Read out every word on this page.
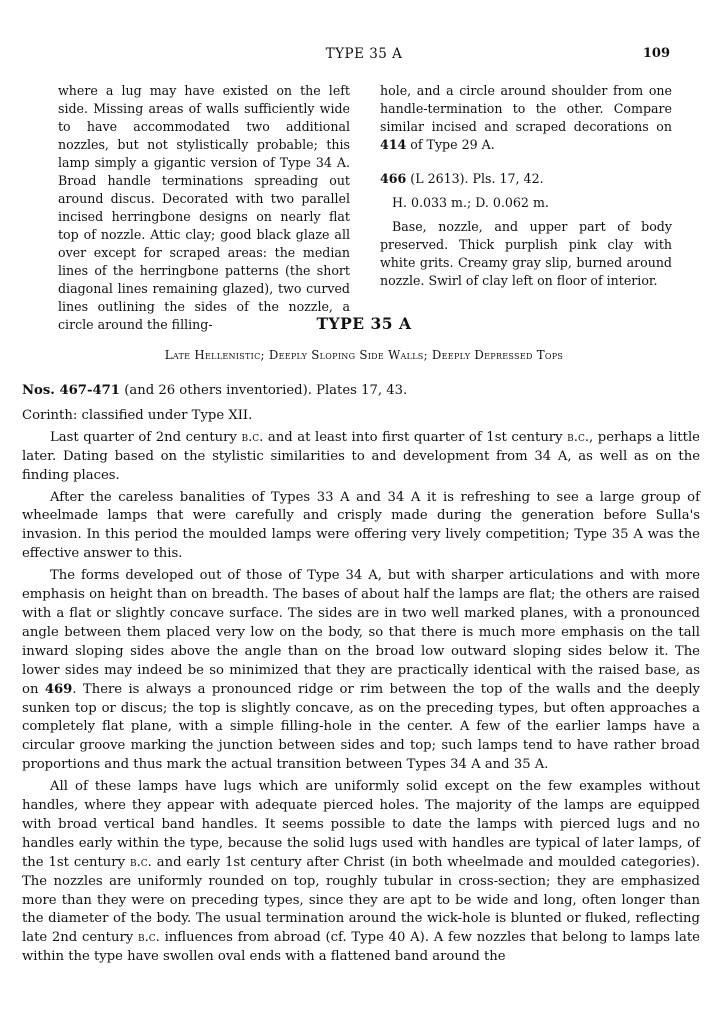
TYPE 35 A	109

where a lug may have existed on the left side. Missing areas of walls sufficiently wide to have accommodated two additional nozzles, but not stylistically probable; this lamp simply a gigantic version of Type 34 A. Broad handle terminations spreading out around discus. Decorated with two parallel incised herringbone designs on nearly flat top of nozzle. Attic clay; good black glaze all over except for scraped areas: the median lines of the herringbone patterns (the short diagonal lines remaining glazed), two curved lines outlining the sides of the nozzle, a circle around the filling-

hole, and a circle around shoulder from one handle-termination to the other. Compare similar incised and scraped decorations on 414 of Type 29 A.

466 (L 2613). Pls. 17, 42.

H. 0.033 m.; D. 0.062 m.

Base, nozzle, and upper part of body preserved. Thick purplish pink clay with white grits. Creamy gray slip, burned around nozzle. Swirl of clay left on floor of interior.

TYPE 35 A
Late Hellenistic; Deeply Sloping Side Walls; Deeply Depressed Tops

Nos. 467-471 (and 26 others inventoried). Plates 17, 43.

Corinth: classified under Type XII.

Last quarter of 2nd century b.c. and at least into first quarter of 1st century b.c., perhaps a little later. Dating based on the stylistic similarities to and development from 34 A, as well as on the finding places.

After the careless banalities of Types 33 A and 34 A it is refreshing to see a large group of wheelmade lamps that were carefully and crisply made during the generation before Sulla's invasion. In this period the moulded lamps were offering very lively competition; Type 35 A was the effective answer to this.

The forms developed out of those of Type 34 A, but with sharper articulations and with more emphasis on height than on breadth. The bases of about half the lamps are flat; the others are raised with a flat or slightly concave surface. The sides are in two well marked planes, with a pronounced angle between them placed very low on the body, so that there is much more emphasis on the tall inward sloping sides above the angle than on the broad low outward sloping sides below it. The lower sides may indeed be so minimized that they are practically identical with the raised base, as on 469. There is always a pronounced ridge or rim between the top of the walls and the deeply sunken top or discus; the top is slightly concave, as on the preceding types, but often approaches a completely flat plane, with a simple filling-hole in the center. A few of the earlier lamps have a circular groove marking the junction between sides and top; such lamps tend to have rather broad proportions and thus mark the actual transition between Types 34 A and 35 A.

All of these lamps have lugs which are uniformly solid except on the few examples without handles, where they appear with adequate pierced holes. The majority of the lamps are equipped with broad vertical band handles. It seems possible to date the lamps with pierced lugs and no handles early within the type, because the solid lugs used with handles are typical of later lamps, of the 1st century b.c. and early 1st century after Christ (in both wheelmade and moulded categories). The nozzles are uniformly rounded on top, roughly tubular in cross-section; they are emphasized more than they were on preceding types, since they are apt to be wide and long, often longer than the diameter of the body. The usual termination around the wick-hole is blunted or fluked, reflecting late 2nd century b.c. influences from abroad (cf. Type 40 A). A few nozzles that belong to lamps late within the type have swollen oval ends with a flattened band around the
